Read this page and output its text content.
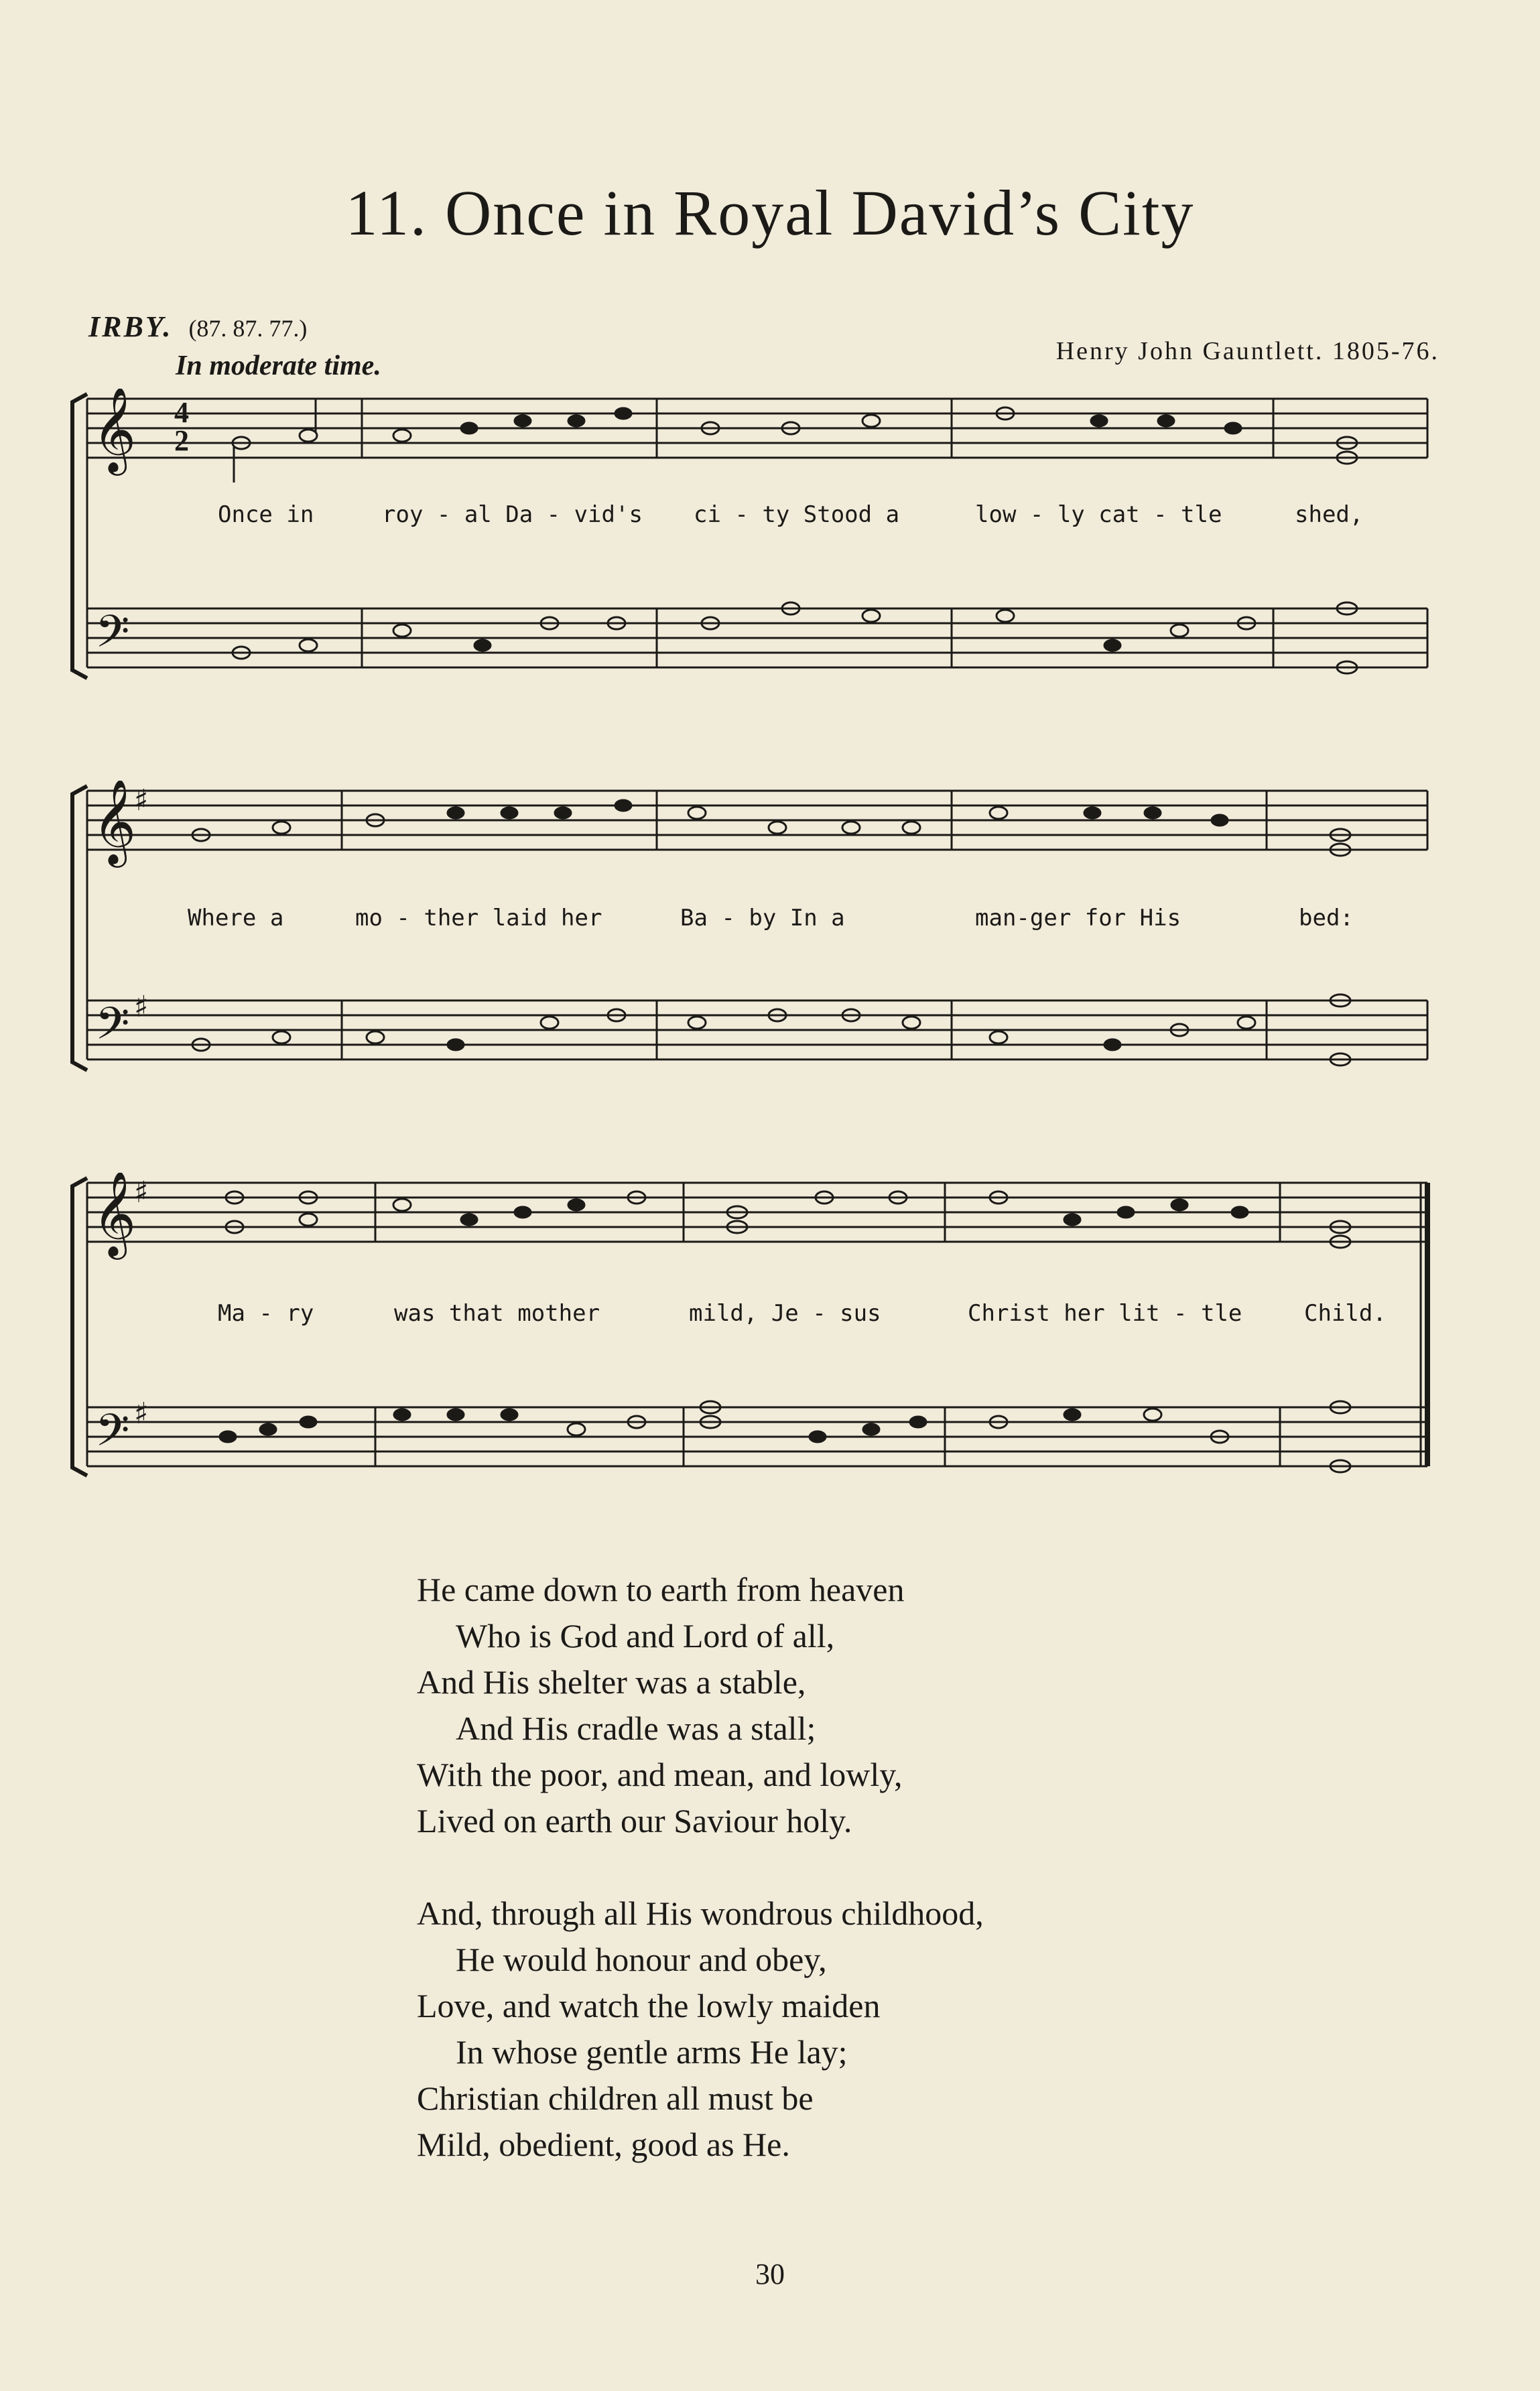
11. Once in Royal David’s City
IRBY. (87. 87. 77.)
In moderate time.	Henry John Gauntlett. 1805-76.
𝄞
𝄢
4
2
Once in	roy - al Da - vid's ci - ty Stood a	low - ly cat - tle	shed,
𝄞
𝄢
♯
♯
Where a	mo - ther laid her	Ba - by In a	man-ger for His	bed:
𝄞
𝄢
♯
♯
Ma - ry	was that mother	mild, Je - sus	Christ her lit - tle	Child.
He came down to earth from heaven
Who is God and Lord of all,
And His shelter was a stable,
And His cradle was a stall;
With the poor, and mean, and lowly,
Lived on earth our Saviour holy.
And, through all His wondrous childhood,
He would honour and obey,
Love, and watch the lowly maiden
In whose gentle arms He lay;
Christian children all must be
Mild, obedient, good as He.
30
